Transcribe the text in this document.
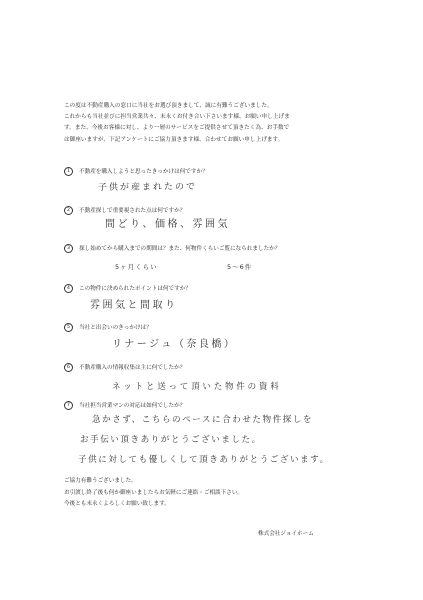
この度は不動産購入の窓口に当社をお選び頂きまして、誠に有難うございました。
これからも当社並びに担当営業共々、末永くお付き合い下さいます様、お願い申し上げま
す。また、今後お客様に対し、より一層のサービスをご提供させて頂きたく為、お手数で
は御座いますが、下記アンケートにご協力頂きます様、合わせてお願い申し上げます。
1 不動産を購入しようと思ったきっかけは何ですか？
子供が産まれたので
2 不動産探しで重要視された点は何ですか？
間どり、価格、雰囲気
3 探し始めてから購入までの期間は？また、何物件くらいご覧になられましたか？
5ヶ月くらい	5～6件
4 この物件に決められたポイントは何ですか？
雰囲気と間取り
5 当社と出会いのきっかけは？
リナージュ（奈良橋）
6 不動産購入の情報収集は主に何でしたか？
ネットと送って頂いた物件の資料
7 当社担当営業マンの対応は如何でしたか？
急かさず、こちらのペースに合わせた物件探しを
お手伝い頂きありがとうございました。
子供に対しても優しくして頂きありがとうございます。
ご協力有難うございました。
お引渡し終了後も何か御座いましたらお気軽にご連絡・ご相談下さい。
今後とも末永くよろしくお願い致します。
株式会社ジョイホーム
